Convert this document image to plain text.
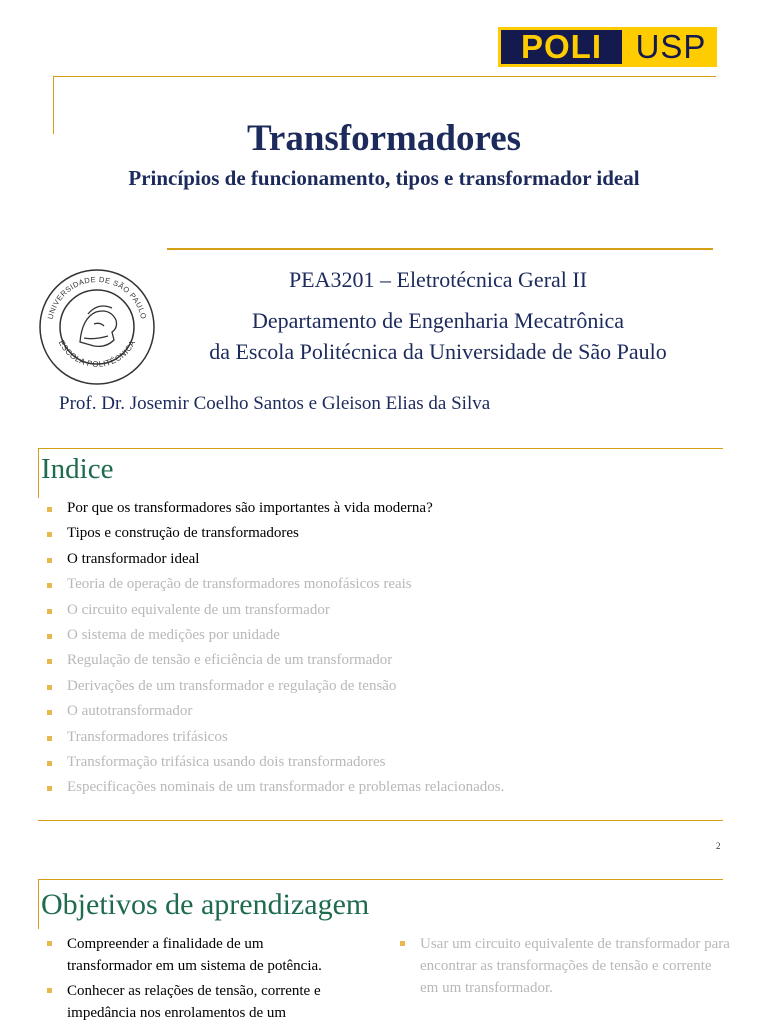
POLI	USP
Transformadores
Princípios de funcionamento, tipos e transformador ideal
UNIVERSIDADE DE SÃO PAULO
ESCOLA POLITÉCNICA
PEA3201 – Eletrotécnica Geral II
Departamento de Engenharia Mecatrônica
da Escola Politécnica da Universidade de São Paulo
Prof. Dr. Josemir Coelho Santos e Gleison Elias da Silva
Indice
Por que os transformadores são importantes à vida moderna?
Tipos e construção de transformadores
O transformador ideal
Teoria de operação de transformadores monofásicos reais
O circuito equivalente de um transformador
O sistema de medições por unidade
Regulação de tensão e eficiência de um transformador
Derivações de um transformador e regulação de tensão
O autotransformador
Transformadores trifásicos
Transformação trifásica usando dois transformadores
Especificações nominais de um transformador e problemas relacionados.
2
Objetivos de aprendizagem
Compreender a finalidade de um transformador em um sistema de potência.
Conhecer as relações de tensão, corrente e impedância nos enrolamentos de um
Usar um circuito equivalente de transformador para encontrar as transformações de tensão e corrente em um transformador.
